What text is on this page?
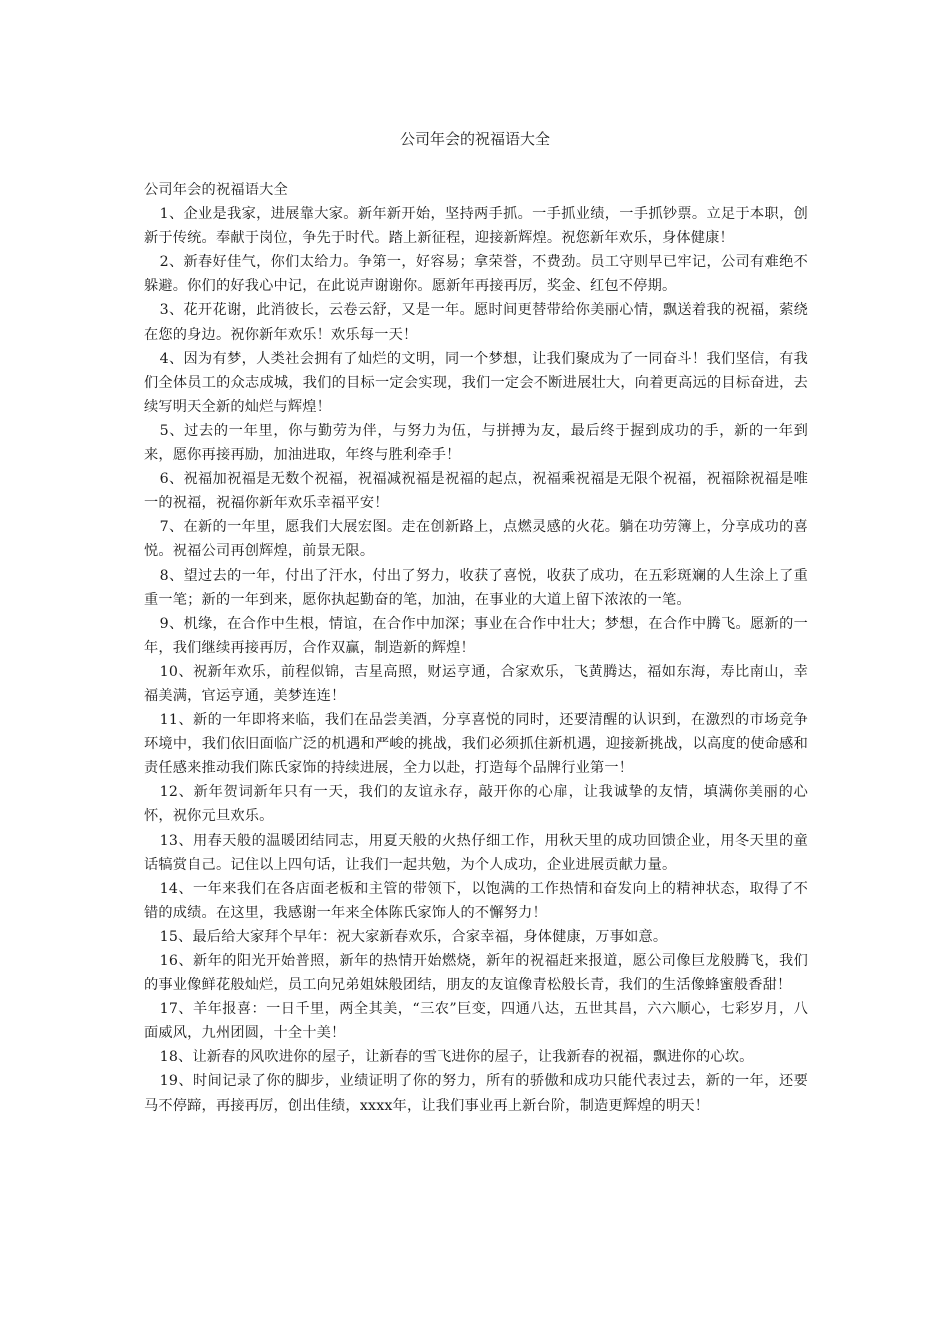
公司年会的祝福语大全

公司年会的祝福语大全

1、企业是我家，进展靠大家。新年新开始，坚持两手抓。一手抓业绩，一手抓钞票。立足于本职，创新于传统。奉献于岗位，争先于时代。踏上新征程，迎接新辉煌。祝您新年欢乐，身体健康！

2、新春好佳气，你们太给力。争第一，好容易；拿荣誉，不费劲。员工守则早已牢记，公司有难绝不躲避。你们的好我心中记，在此说声谢谢你。愿新年再接再厉，奖金、红包不停期。

3、花开花谢，此消彼长，云卷云舒，又是一年。愿时间更替带给你美丽心情，飘送着我的祝福，萦绕在您的身边。祝你新年欢乐！欢乐每一天！

4、因为有梦，人类社会拥有了灿烂的文明，同一个梦想，让我们聚成为了一同奋斗！我们坚信，有我们全体员工的众志成城，我们的目标一定会实现，我们一定会不断进展壮大，向着更高远的目标奋进，去续写明天全新的灿烂与辉煌！

5、过去的一年里，你与勤劳为伴，与努力为伍，与拼搏为友，最后终于握到成功的手，新的一年到来，愿你再接再励，加油进取，年终与胜利牵手！

6、祝福加祝福是无数个祝福，祝福减祝福是祝福的起点，祝福乘祝福是无限个祝福，祝福除祝福是唯一的祝福，祝福你新年欢乐幸福平安！

7、在新的一年里，愿我们大展宏图。走在创新路上，点燃灵感的火花。躺在功劳簿上，分享成功的喜悦。祝福公司再创辉煌，前景无限。

8、望过去的一年，付出了汗水，付出了努力，收获了喜悦，收获了成功，在五彩斑斓的人生涂上了重重一笔；新的一年到来，愿你执起勤奋的笔，加油，在事业的大道上留下浓浓的一笔。

9、机缘，在合作中生根，情谊，在合作中加深；事业在合作中壮大；梦想，在合作中腾飞。愿新的一年，我们继续再接再厉，合作双赢，制造新的辉煌！

10、祝新年欢乐，前程似锦，吉星高照，财运亨通，合家欢乐，飞黄腾达，福如东海，寿比南山，幸福美满，官运亨通，美梦连连！

11、新的一年即将来临，我们在品尝美酒，分享喜悦的同时，还要清醒的认识到，在激烈的市场竞争环境中，我们依旧面临广泛的机遇和严峻的挑战，我们必须抓住新机遇，迎接新挑战，以高度的使命感和责任感来推动我们陈氏家饰的持续进展，全力以赴，打造每个品牌行业第一！

12、新年贺词新年只有一天，我们的友谊永存，敲开你的心扉，让我诚挚的友情，填满你美丽的心怀，祝你元旦欢乐。

13、用春天般的温暖团结同志，用夏天般的火热仔细工作，用秋天里的成功回馈企业，用冬天里的童话犒赏自己。记住以上四句话，让我们一起共勉，为个人成功，企业进展贡献力量。

14、一年来我们在各店面老板和主管的带领下，以饱满的工作热情和奋发向上的精神状态，取得了不错的成绩。在这里，我感谢一年来全体陈氏家饰人的不懈努力！

15、最后给大家拜个早年：祝大家新春欢乐，合家幸福，身体健康，万事如意。

16、新年的阳光开始普照，新年的热情开始燃烧，新年的祝福赶来报道，愿公司像巨龙般腾飞，我们的事业像鲜花般灿烂，员工向兄弟姐妹般团结，朋友的友谊像青松般长青，我们的生活像蜂蜜般香甜！

17、羊年报喜：一日千里，两全其美，“三农”巨变，四通八达，五世其昌，六六顺心，七彩岁月，八面威风，九州团圆，十全十美！

18、让新春的风吹进你的屋子，让新春的雪飞进你的屋子，让我新春的祝福，飘进你的心坎。

19、时间记录了你的脚步，业绩证明了你的努力，所有的骄傲和成功只能代表过去，新的一年，还要马不停蹄，再接再厉，创出佳绩，xxxx年，让我们事业再上新台阶，制造更辉煌的明天！
